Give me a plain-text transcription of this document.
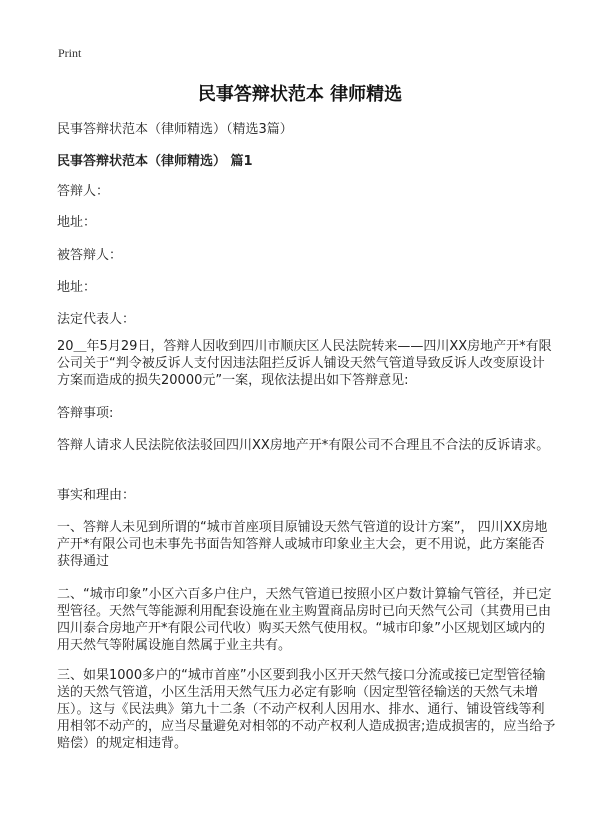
Print
民事答辩状范本 律师精选
民事答辩状范本（律师精选）（精选3篇）
民事答辩状范本（律师精选） 篇1
答辩人：
地址：
被答辩人：
地址：
法定代表人：
20＿年5月29日，答辩人因收到四川市顺庆区人民法院转来——四川XX房地产开*有限公司关于“判令被反诉人支付因违法阻拦反诉人铺设天然气管道导致反诉人改变原设计方案而造成的损失20000元”一案，现依法提出如下答辩意见:
答辩事项:
答辩人请求人民法院依法驳回四川XX房地产开*有限公司不合理且不合法的反诉请求。
事实和理由：
一、答辩人未见到所谓的“城市首座项目原铺设天然气管道的设计方案”， 四川XX房地产开*有限公司也未事先书面告知答辩人或城市印象业主大会，更不用说，此方案能否获得通过
二、“城市印象”小区六百多户住户，天然气管道已按照小区户数计算输气管径，并已定型管径。天然气等能源利用配套设施在业主购置商品房时已向天然气公司（其费用已由四川泰合房地产开*有限公司代收）购买天然气使用权。“城市印象”小区规划区域内的用天然气等附属设施自然属于业主共有。
三、如果1000多户的“城市首座”小区要到我小区开天然气接口分流或接已定型管径输送的天然气管道，小区生活用天然气压力必定有影响（因定型管径输送的天然气未增压）。这与《民法典》第九十二条（不动产权利人因用水、排水、通行、铺设管线等利用相邻不动产的，应当尽量避免对相邻的不动产权利人造成损害;造成损害的，应当给予赔偿）的规定相违背。
